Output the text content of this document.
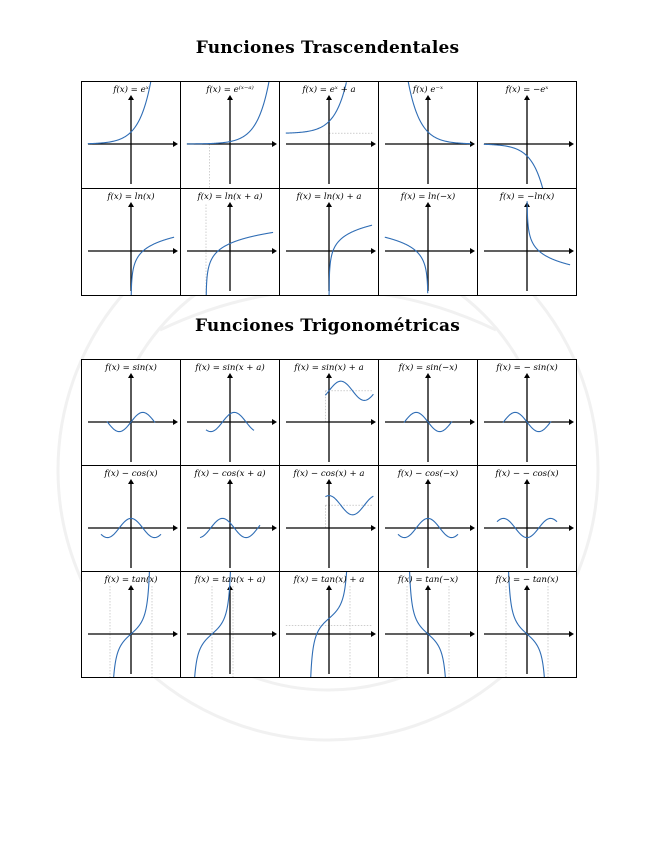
Funciones Trascendentales
f(x) = eˣ	f(x) = e⁽ˣ⁻ᵃ⁾	f(x) = eˣ + a	f(x) e⁻ˣ	f(x) = −eˣ
f(x) = ln(x)	f(x) = ln(x + a)	f(x) = ln(x) + a	f(x) = ln(−x)	f(x) = −ln(x)
Funciones Trigonométricas
f(x) = sin(x)	f(x) = sin(x + a)	f(x) = sin(x) + a	f(x) = sin(−x)	f(x) = − sin(x)
f(x) − cos(x)	f(x) − cos(x + a)	f(x) − cos(x) + a	f(x) − cos(−x)	f(x) − − cos(x)
f(x) = tan(x)	f(x) = tan(x + a)	f(x) = tan(x) + a	f(x) = tan(−x)	f(x) = − tan(x)
